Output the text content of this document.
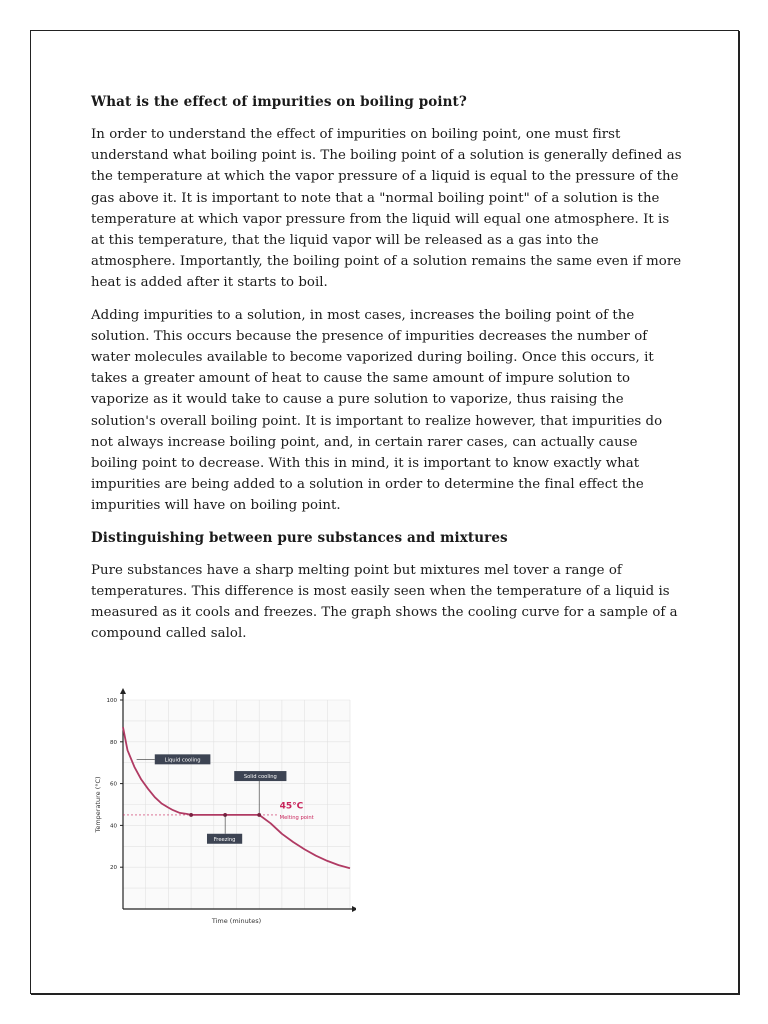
What is the effect of impurities on boiling point?

In order to understand the effect of impurities on boiling point, one must first understand what boiling point is. The boiling point of a solution is generally defined as the temperature at which the vapor pressure of a liquid is equal to the pressure of the gas above it. It is important to note that a "normal boiling point" of a solution is the temperature at which vapor pressure from the liquid will equal one atmosphere. It is at this temperature, that the liquid vapor will be released as a gas into the atmosphere. Importantly, the boiling point of a solution remains the same even if more heat is added after it starts to boil.

Adding impurities to a solution, in most cases, increases the boiling point of the solution. This occurs because the presence of impurities decreases the number of water molecules available to become vaporized during boiling. Once this occurs, it takes a greater amount of heat to cause the same amount of impure solution to vaporize as it would take to cause a pure solution to vaporize, thus raising the solution's overall boiling point. It is important to realize however, that impurities do not always increase boiling point, and, in certain rarer cases, can actually cause boiling point to decrease. With this in mind, it is important to know exactly what impurities are being added to a solution in order to determine the final effect the impurities will have on boiling point.

Distinguishing between pure substances and mixtures

Pure substances have a sharp melting point but mixtures mel tover a range of temperatures. This difference is most easily seen when the temperature of a liquid is measured as it cools and freezes. The graph shows the cooling curve for a sample of a compound called salol.

20
40
60
80
100
Temperature (°C)
Time (minutes)
Liquid cooling
Freezing
Solid cooling
45°C
Melting point
